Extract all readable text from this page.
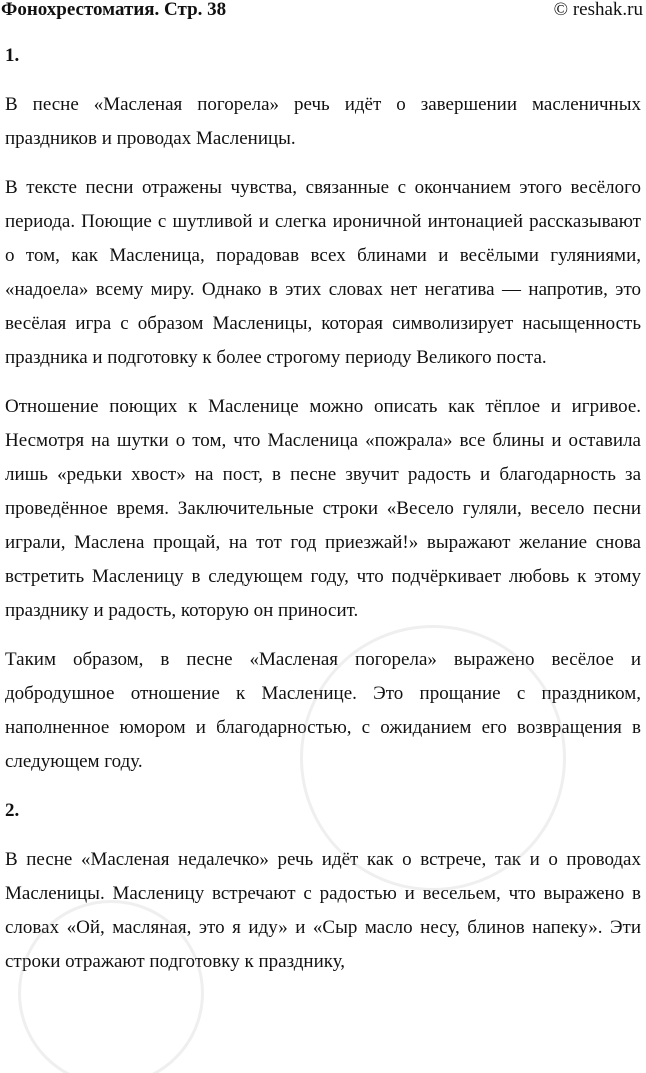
Фонохрестоматия. Стр. 38	© reshak.ru
1.

В песне «Масленая погорела» речь идёт о завершении масленичных праздников и проводах Масленицы.

В тексте песни отражены чувства, связанные с окончанием этого весёлого периода. Поющие с шутливой и слегка ироничной интонацией рассказывают о том, как Масленица, порадовав всех блинами и весёлыми гуляниями, «надоела» всему миру. Однако в этих словах нет негатива — напротив, это весёлая игра с образом Масленицы, которая символизирует насыщенность праздника и подготовку к более строгому периоду Великого поста.

Отношение поющих к Масленице можно описать как тёплое и игривое. Несмотря на шутки о том, что Масленица «пожрала» все блины и оставила лишь «редьки хвост» на пост, в песне звучит радость и благодарность за проведённое время. Заключительные строки «Весело гуляли, весело песни играли, Маслена прощай, на тот год приезжай!» выражают желание снова встретить Масленицу в следующем году, что подчёркивает любовь к этому празднику и радость, которую он приносит.

Таким образом, в песне «Масленая погорела» выражено весёлое и добродушное отношение к Масленице. Это прощание с праздником, наполненное юмором и благодарностью, с ожиданием его возвращения в следующем году.

2.

В песне «Масленая недалечко» речь идёт как о встрече, так и о проводах Масленицы. Масленицу встречают с радостью и весельем, что выражено в словах «Ой, масляная, это я иду» и «Сыр масло несу, блинов напеку». Эти строки отражают подготовку к празднику,
